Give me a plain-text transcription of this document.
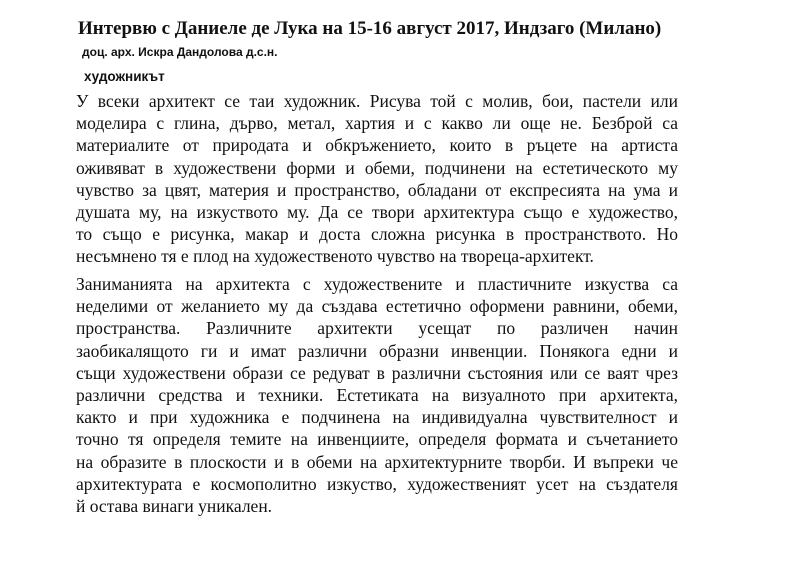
Интервю с Даниеле де Лука на 15-16 август 2017, Индзаго (Милано)
доц. арх. Искра Дандолова д.с.н.
художникът

У всеки архитект се таи художник. Рисува той с молив, бои, пастели или
моделира с глина, дърво, метал, хартия и с какво ли още не. Безброй са
материалите от природата и обкръжението, които в ръцете на артиста
оживяват в художествени форми и обеми, подчинени на естетическото му
чувство за цвят, материя и пространство, обладани от експресията на ума и
душата му, на изкуството му. Да се твори архитектура също е художество,
то също е рисунка, макар и доста сложна рисунка в пространството. Но
несъмнено тя е плод на художественото чувство на твореца-архитект.

Заниманията на архитекта с художествените и пластичните изкуства са
неделими от желанието му да създава естетично оформени равнини, обеми,
пространства. Различните архитекти усещат по различен начин
заобикалящото ги и имат различни образни инвенции. Понякога едни и
същи художествени образи се редуват в различни състояния или се ваят чрез
различни средства и техники. Естетиката на визуалното при архитекта,
както и при художника е подчинена на индивидуална чувствителност и
точно тя определя темите на инвенциите, определя формата и съчетанието
на образите в плоскости и в обеми на архитектурните творби. И въпреки че
архитектурата е космополитно изкуство, художественият усет на създателя
й остава винаги уникален.
